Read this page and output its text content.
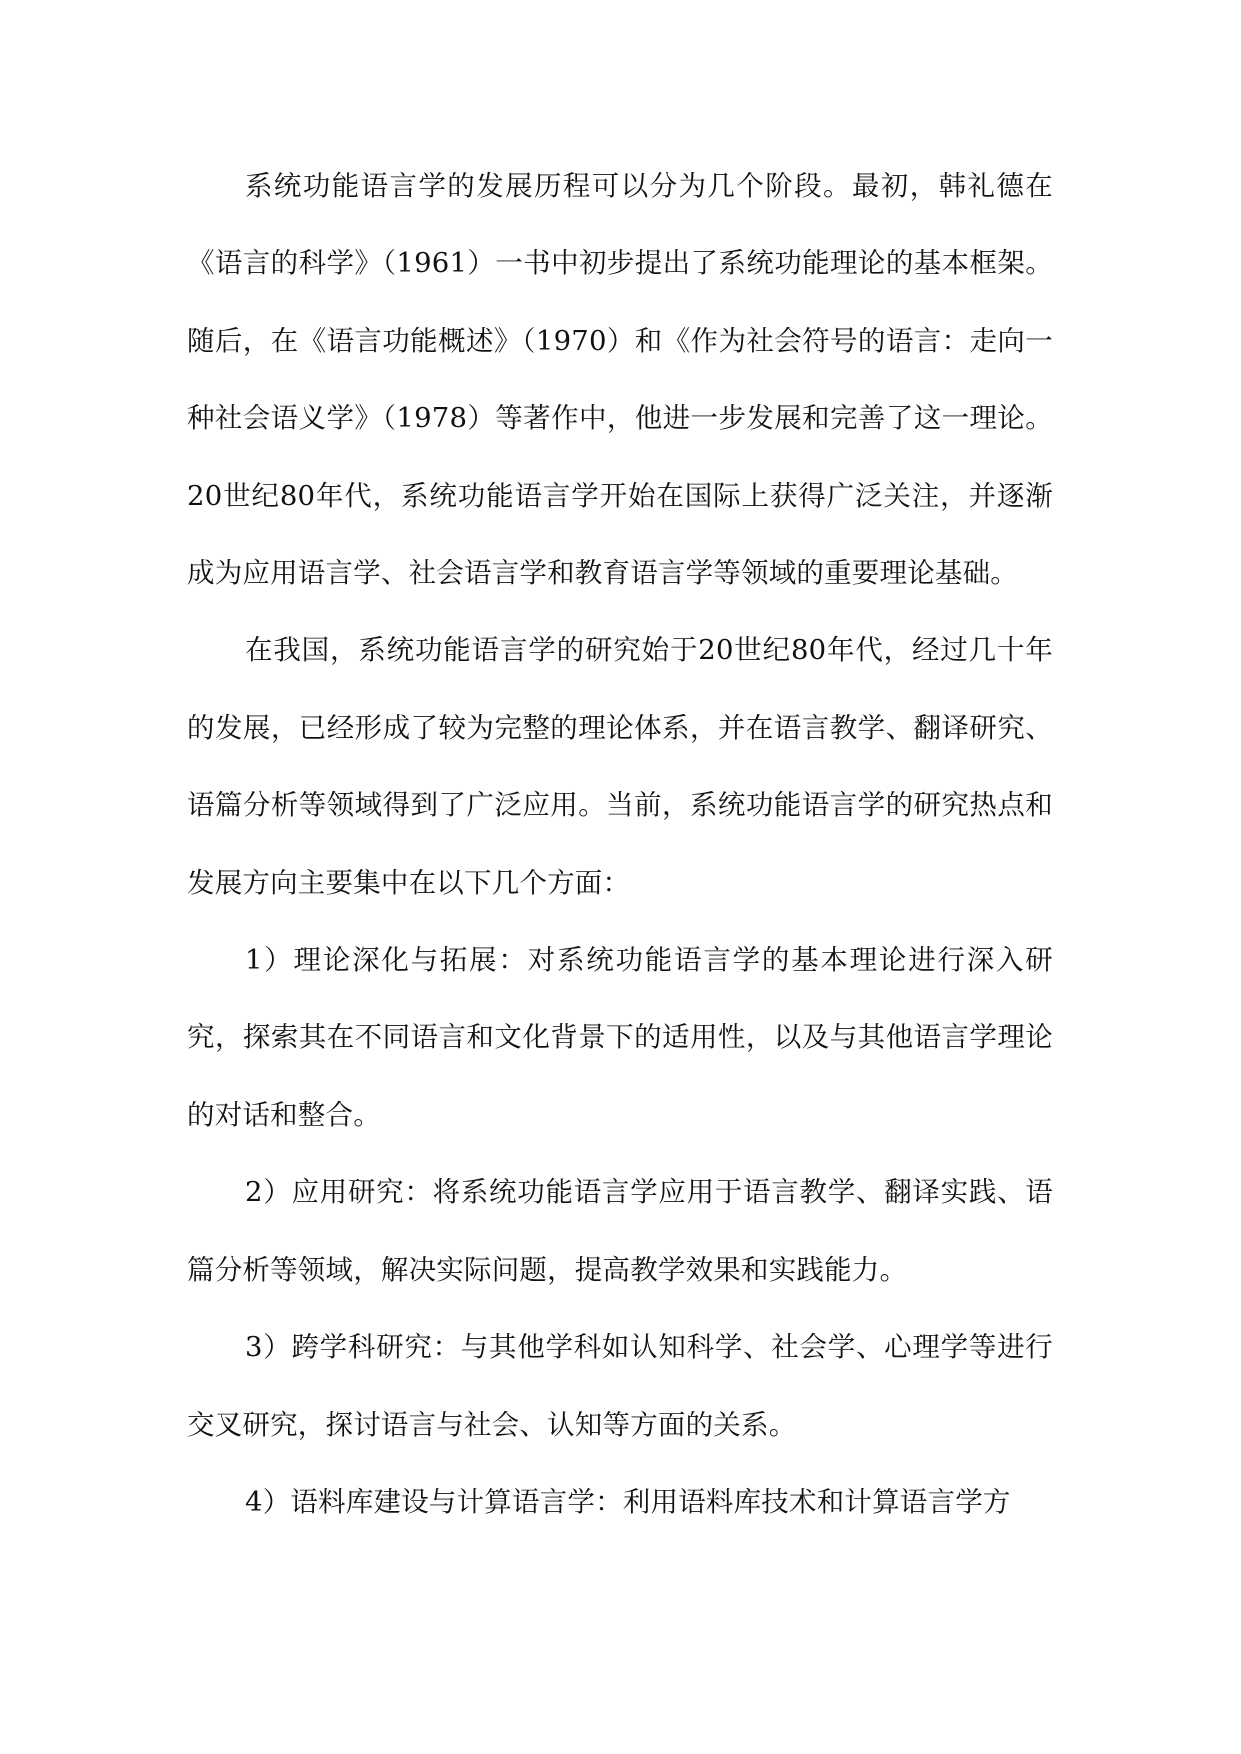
系统功能语言学的发展历程可以分为几个阶段。最初，韩礼德在《语言的科学》（1961）一书中初步提出了系统功能理论的基本框架。随后，在《语言功能概述》（1970）和《作为社会符号的语言：走向一种社会语义学》（1978）等著作中，他进一步发展和完善了这一理论。20世纪80年代，系统功能语言学开始在国际上获得广泛关注，并逐渐成为应用语言学、社会语言学和教育语言学等领域的重要理论基础。

在我国，系统功能语言学的研究始于20世纪80年代，经过几十年的发展，已经形成了较为完整的理论体系，并在语言教学、翻译研究、语篇分析等领域得到了广泛应用。当前，系统功能语言学的研究热点和发展方向主要集中在以下几个方面：

1）理论深化与拓展：对系统功能语言学的基本理论进行深入研究，探索其在不同语言和文化背景下的适用性，以及与其他语言学理论的对话和整合。

2）应用研究：将系统功能语言学应用于语言教学、翻译实践、语篇分析等领域，解决实际问题，提高教学效果和实践能力。

3）跨学科研究：与其他学科如认知科学、社会学、心理学等进行交叉研究，探讨语言与社会、认知等方面的关系。

4）语料库建设与计算语言学：利用语料库技术和计算语言学方
